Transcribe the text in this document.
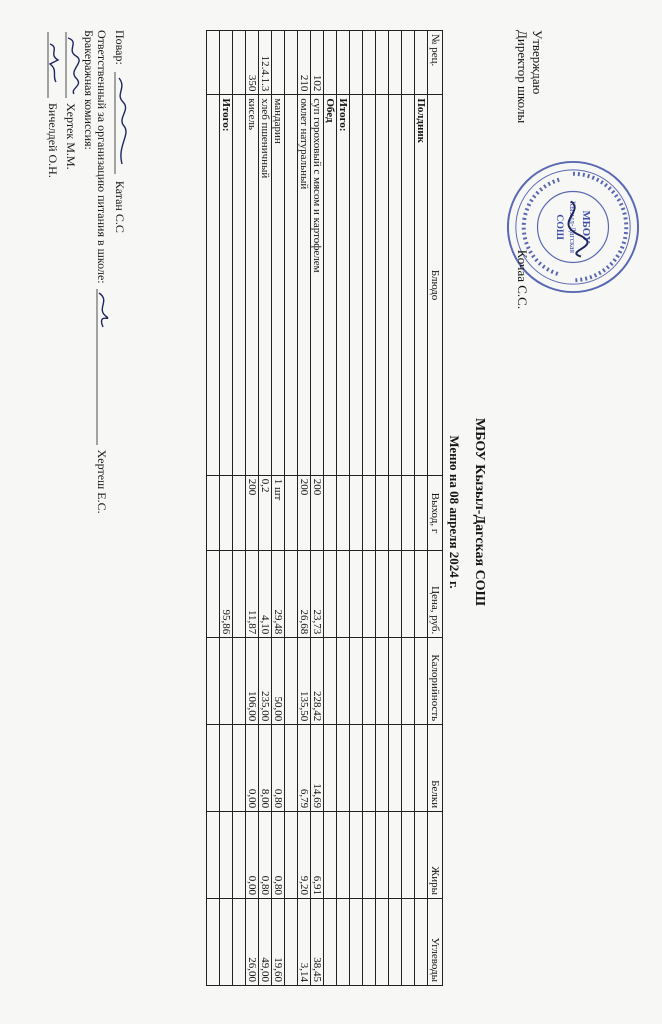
МБОУ
Кызыл-Дагская
СОШ
Утверждаю
Директор школы  Кочаа С.С.
МБОУ Кызыл-Дагская СОШ
Меню на 08 апреля 2024 г.
№ рец.	Блюдо	Выход, г	Цена, руб.	Калорийность	Белки	Жиры	Углеводы
	Полдник						

	Итого:						
	Обед						
102	суп гороховый с мясом и картофелем	200	23,73	228,42	14,69	6,91	38,45
210	омлет натуральный	200	26,68	135,50	6,79	9,20	3,14

	мандарин	1 шт	29,48	50,00	0,80	0,80	19,60
12.4.1.3	хлеб пшеничный	0,2	4,10	235,00	8,00	0,80	49,00
350	кисель	200	11,87	106,00	0,00	0,00	26,00

	Итого:		95,86				

Повар:  Катан С.С
Ответственный за организацию питания в школе:  Хертеш Е.С.
Бракеражная комиссия:
Хертек М.М.
Бичелдей О.Н.
